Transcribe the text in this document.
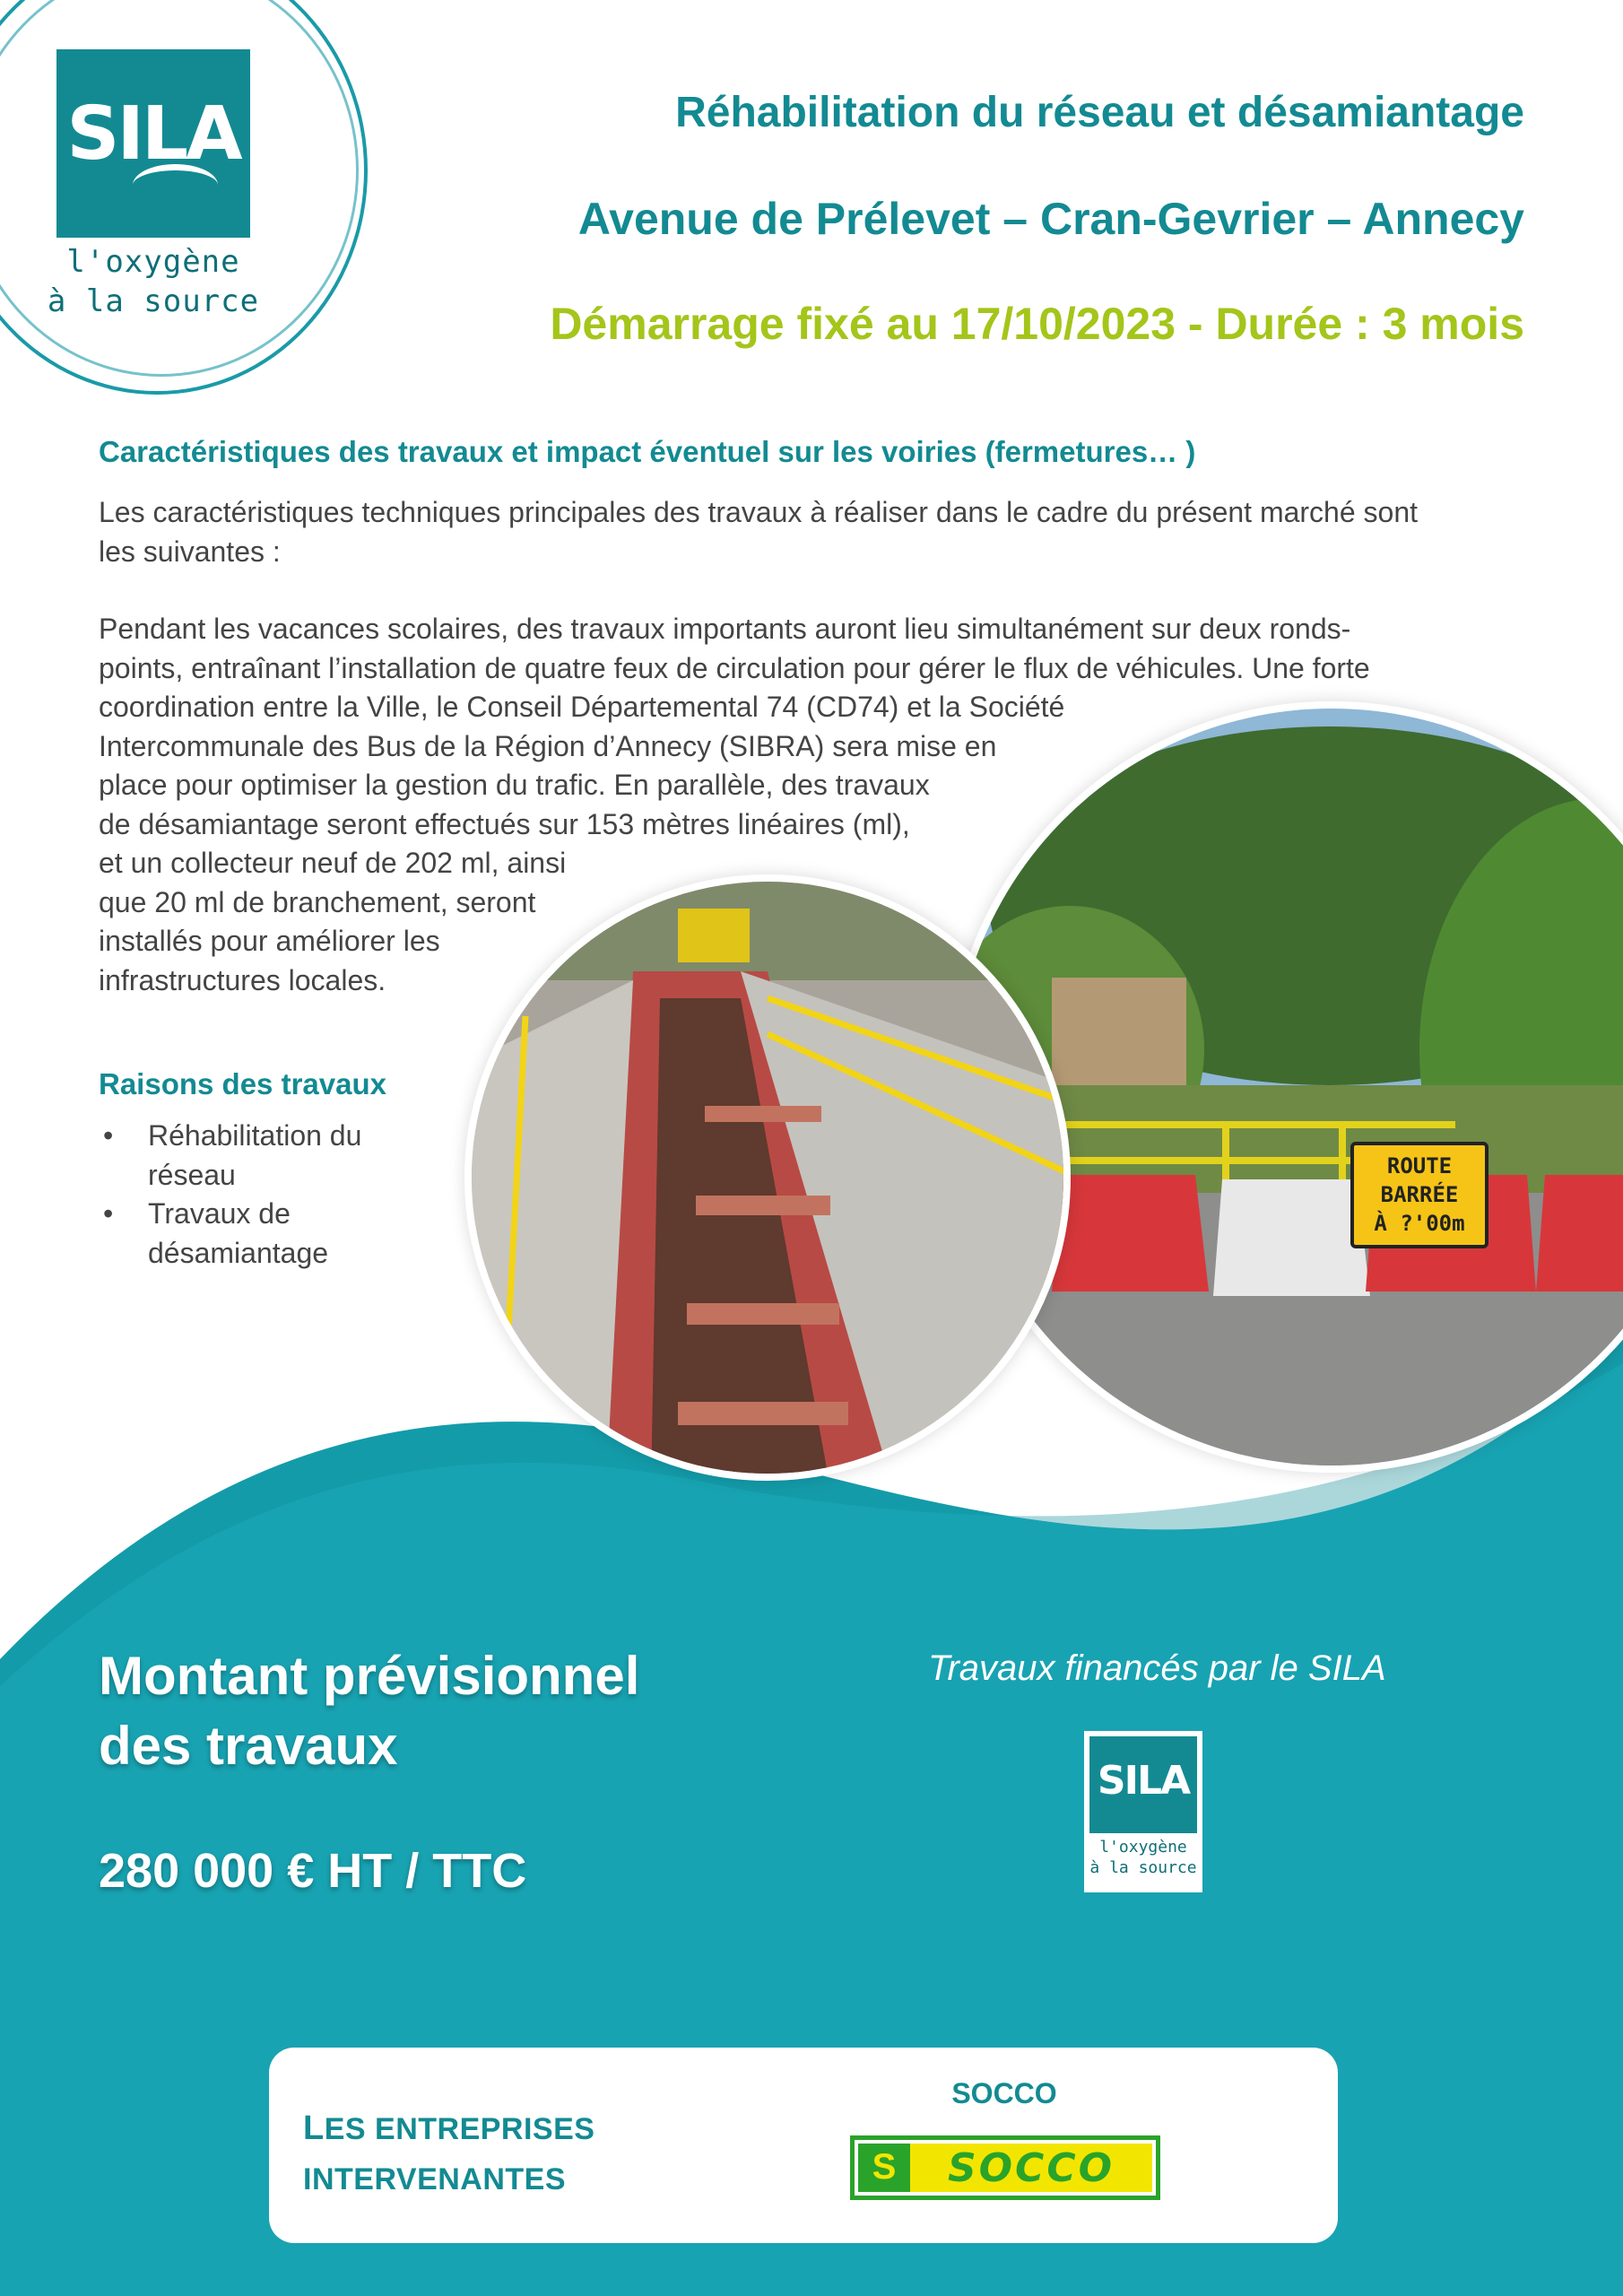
SILA
l'oxygène
à la source
Réhabilitation du réseau et désamiantage
Avenue de Prélevet – Cran-Gevrier – Annecy
Démarrage fixé au 17/10/2023 - Durée : 3 mois
Caractéristiques des travaux et impact éventuel sur les voiries (fermetures… )
Les caractéristiques techniques principales des travaux à réaliser dans le cadre du présent marché sont
les suivantes :
Pendant les vacances scolaires, des travaux importants auront lieu simultanément sur deux ronds-
points, entraînant l’installation de quatre feux de circulation pour gérer le flux de véhicules. Une forte
coordination entre la Ville, le Conseil Départemental 74 (CD74) et la Société
Intercommunale des Bus de la Région d’Annecy (SIBRA) sera mise en
place pour optimiser la gestion du trafic. En parallèle, des travaux
de désamiantage seront effectués sur 153 mètres linéaires (ml),
et un collecteur neuf de 202 ml, ainsi
que 20 ml de branchement, seront
installés pour améliorer les
infrastructures locales.
Raisons des travaux
• Réhabilitation du
réseau
• Travaux de
désamiantage
ROUTE
BARRÉE
À ?'00m
Montant prévisionnel
des travaux
280 000 € HT / TTC
Travaux financés par le SILA
SILA
l'oxygène
à la source
LES ENTREPRISES
INTERVENANTES
SOCCO
S	SOCCO
